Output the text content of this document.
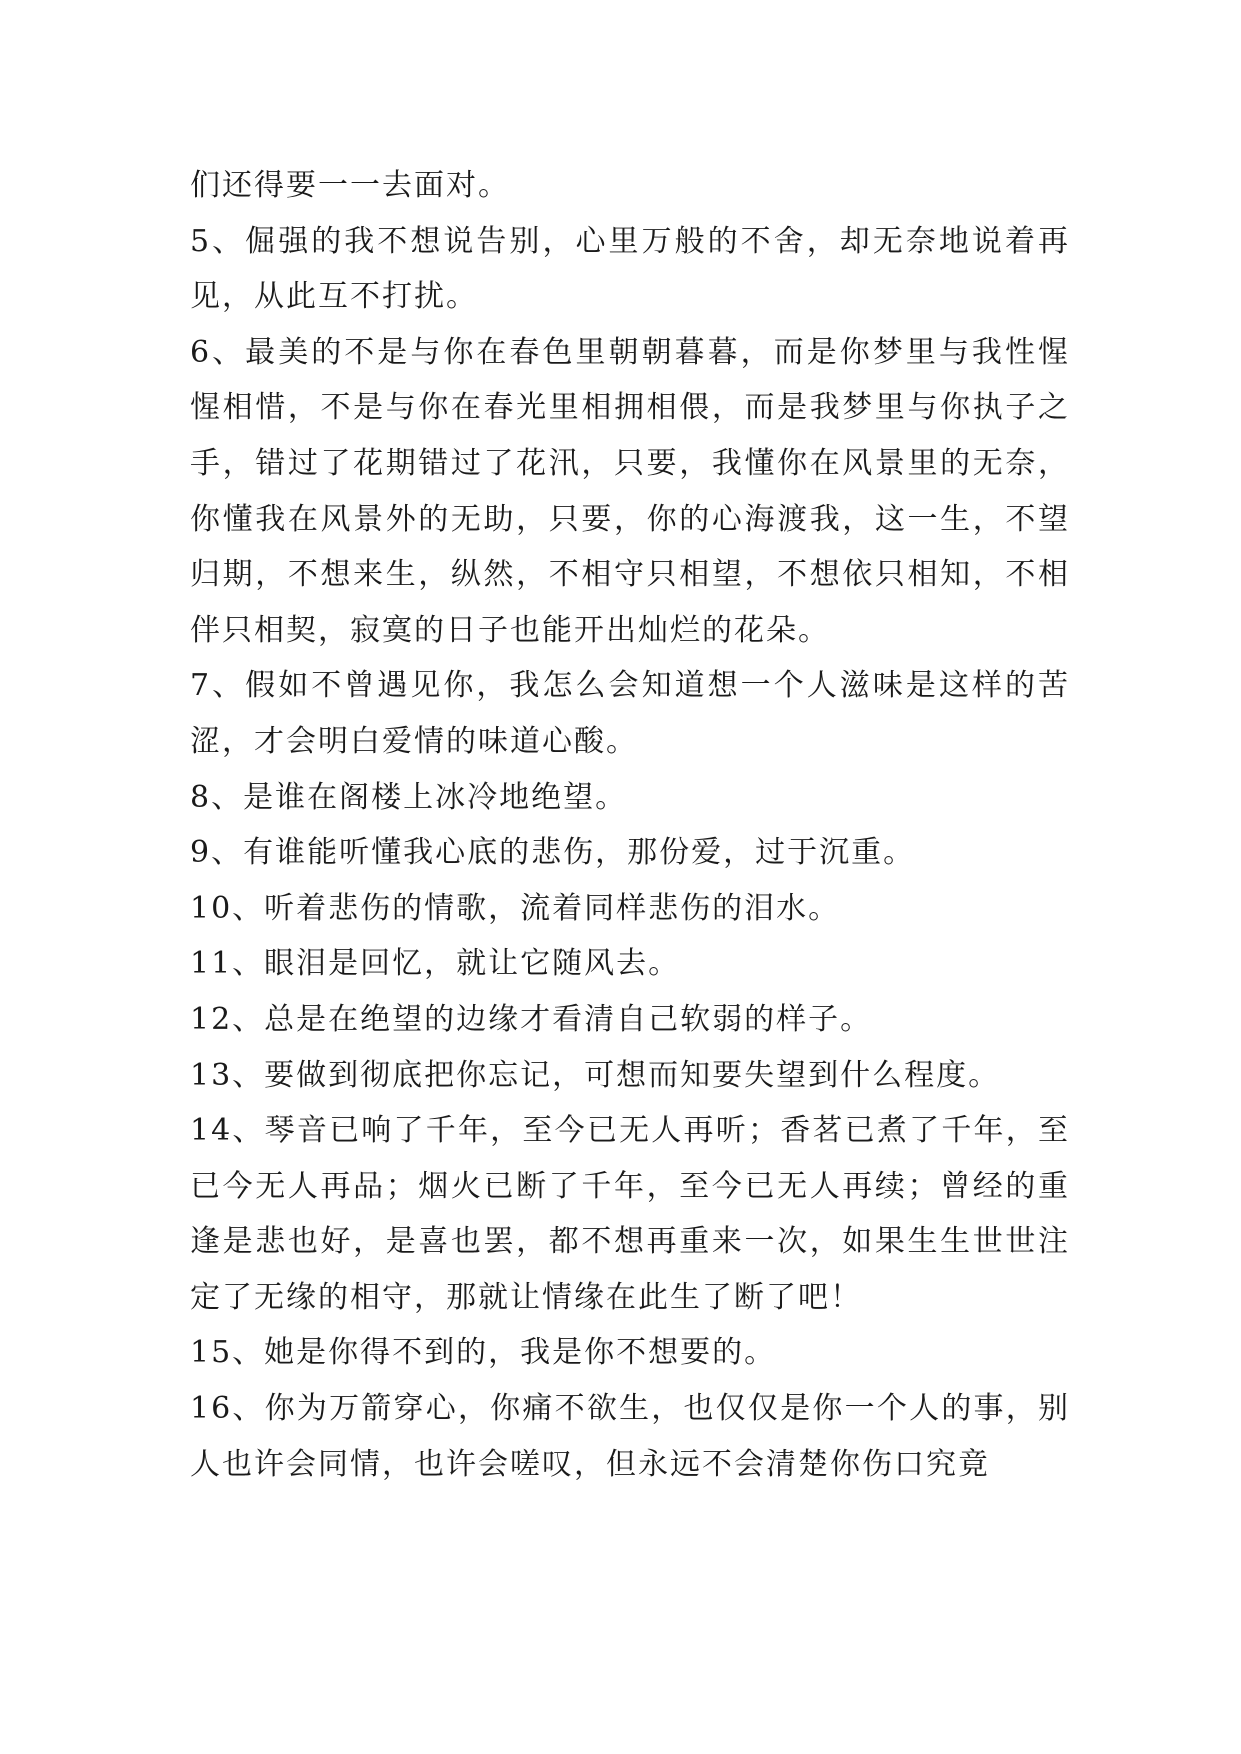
们还得要一一去面对。

5、倔强的我不想说告别，心里万般的不舍，却无奈地说着再见，从此互不打扰。

6、最美的不是与你在春色里朝朝暮暮，而是你梦里与我性惺惺相惜，不是与你在春光里相拥相偎，而是我梦里与你执子之手，错过了花期错过了花汛，只要，我懂你在风景里的无奈，你懂我在风景外的无助，只要，你的心海渡我，这一生，不望归期，不想来生，纵然，不相守只相望，不想依只相知，不相伴只相契，寂寞的日子也能开出灿烂的花朵。

7、假如不曾遇见你，我怎么会知道想一个人滋味是这样的苦涩，才会明白爱情的味道心酸。

8、是谁在阁楼上冰冷地绝望。

9、有谁能听懂我心底的悲伤，那份爱，过于沉重。

10、听着悲伤的情歌，流着同样悲伤的泪水。

11、眼泪是回忆，就让它随风去。

12、总是在绝望的边缘才看清自己软弱的样子。

13、要做到彻底把你忘记，可想而知要失望到什么程度。

14、琴音已响了千年，至今已无人再听；香茗已煮了千年，至已今无人再品；烟火已断了千年，至今已无人再续；曾经的重逢是悲也好，是喜也罢，都不想再重来一次，如果生生世世注定了无缘的相守，那就让情缘在此生了断了吧！

15、她是你得不到的，我是你不想要的。

16、你为万箭穿心，你痛不欲生，也仅仅是你一个人的事，别人也许会同情，也许会嗟叹，但永远不会清楚你伤口究竟
